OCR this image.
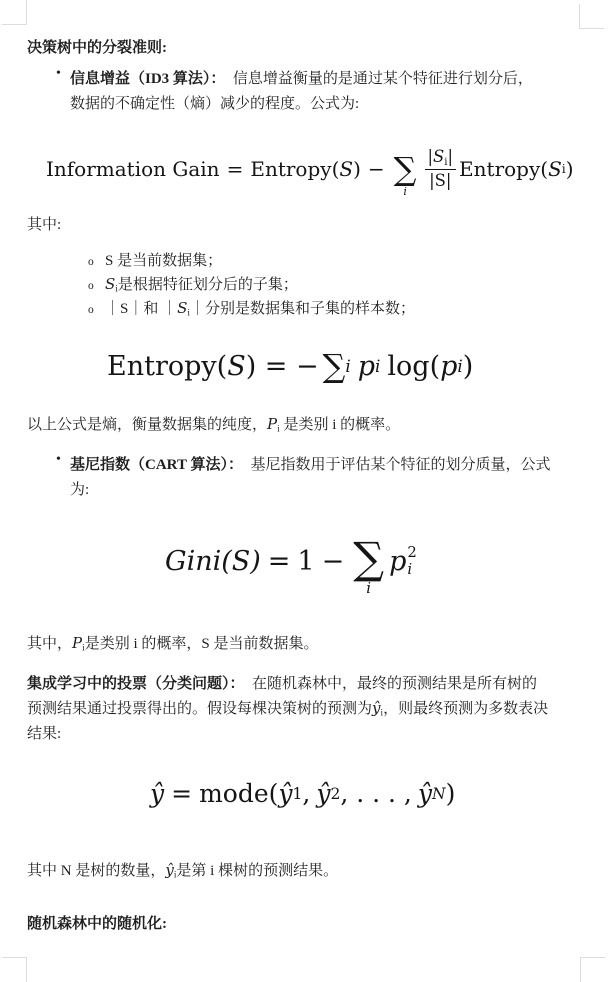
决策树中的分裂准则:
• 信息增益（ID3 算法）：　信息增益衡量的是通过某个特征进行划分后，
数据的不确定性（熵）减少的程度。公式为:
Information Gain = Entropy( S ) − ∑
i
$\frac{|S_i|}{|S|}$ Entropy( S i )
其中:
o S 是当前数据集；
o $S_i$是根据特征划分后的子集；
o ｜S｜和 $|S_i|$分别是数据集和子集的样本数；
Entropy( S ) = − ∑ i p i log( p i )
以上公式是熵，衡量数据集的纯度，$P_i$ 是类别 i 的概率。
• 基尼指数（CART 算法）：　基尼指数用于评估某个特征的划分质量，公式
为:
Gini(S) = 1 − ∑
i
p 2
i
其中，$P_i$是类别 i 的概率，S 是当前数据集。
集成学习中的投票（分类问题）：　在随机森林中，最终的预测结果是所有树的
预测结果通过投票得出的。假设每棵决策树的预测为$ŷ_i$，则最终预测为多数表决
结果:
ŷ = mode( ŷ 1 , ŷ 2 , . . . , ŷ N )
其中 N 是树的数量，$ŷ_i$是第 i 棵树的预测结果。
随机森林中的随机化:
